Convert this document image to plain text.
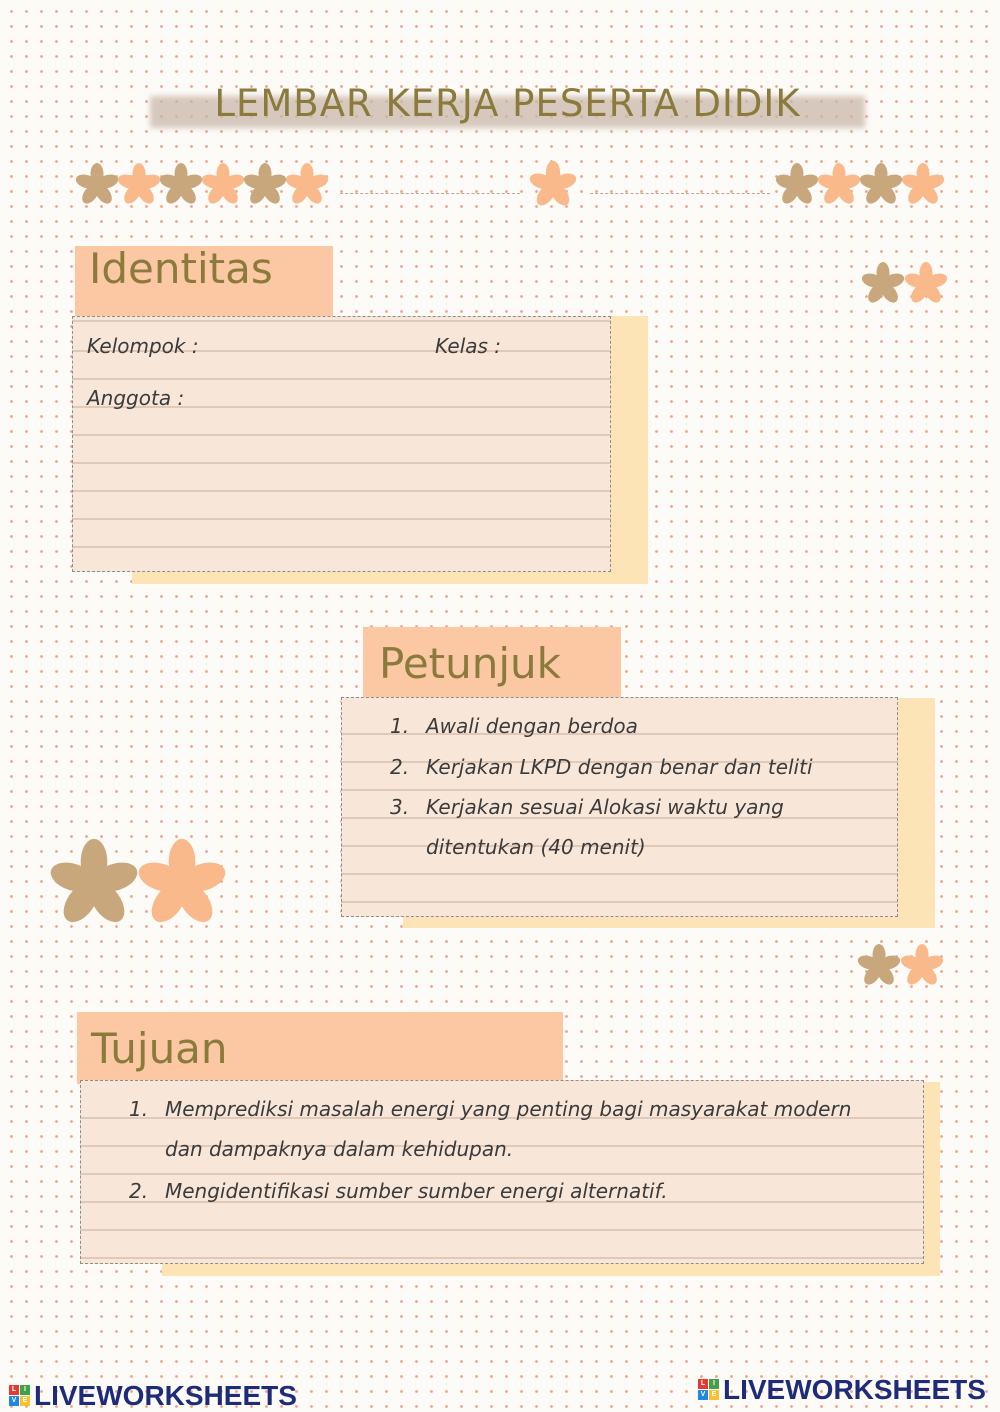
LEMBAR KERJA PESERTA DIDIK
Identitas
Kelompok :	Kelas :
Anggota :
Petunjuk
1. Awali dengan berdoa
2. Kerjakan LKPD dengan benar dan teliti
3. Kerjakan sesuai Alokasi waktu yang
ditentukan (40 menit)
Tujuan
1. Memprediksi masalah energi yang penting bagi masyarakat modern
dan dampaknya dalam kehidupan.
2. Mengidentifikasi sumber sumber energi alternatif.
L	I
V E LIVEWORKSHEETS	L	I
V E LIVEWORKSHEETS
